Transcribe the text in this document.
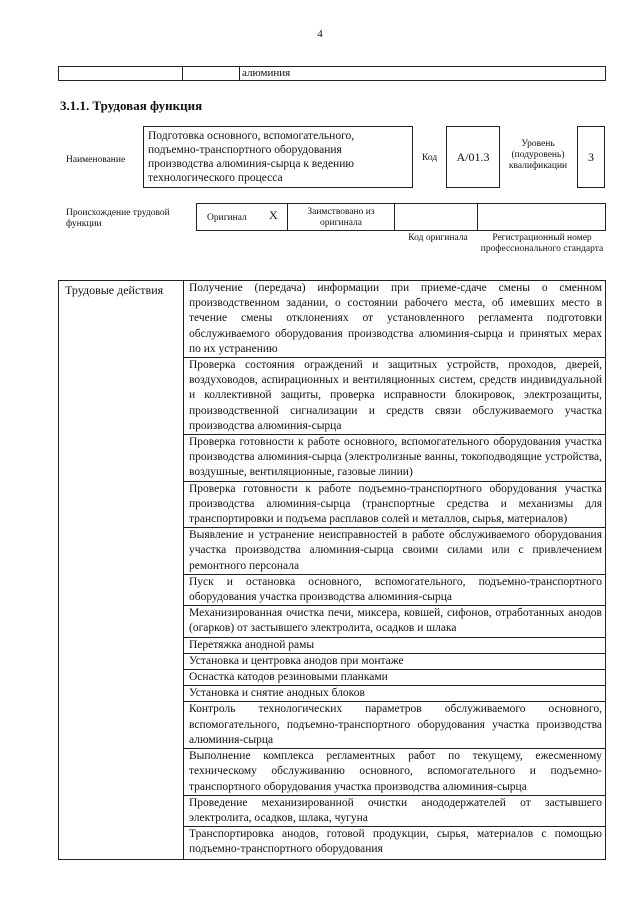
4
алюминия
3.1.1. Трудовая функция
Наименование
Подготовка основного, вспомогательного, подъемно-транспортного оборудования производства алюминия-сырца к ведению технологического процесса
Код	A/01.3
Уровень (подуровень) квалификации
3
Происхождение трудовой функции
Оригинал X	Заимствовано из оригинала
Код оригинала	Регистрационный номер профессионального стандарта
Трудовые действия	Получение (передача) информации при приеме-сдаче смены о сменном производственном задании, о состоянии рабочего места, об имевших место в течение смены отклонениях от установленного регламента подготовки обслуживаемого оборудования производства алюминия-сырца и принятых мерах по их устранению
Проверка состояния ограждений и защитных устройств, проходов, дверей, воздуховодов, аспирационных и вентиляционных систем, средств индивидуальной и коллективной защиты, проверка исправности блокировок, электрозащиты, производственной сигнализации и средств связи обслуживаемого участка производства алюминия-сырца
Проверка готовности к работе основного, вспомогательного оборудования участка производства алюминия-сырца (электролизные ванны, токоподводящие устройства, воздушные, вентиляционные, газовые линии)
Проверка готовности к работе подъемно-транспортного оборудования участка производства алюминия-сырца (транспортные средства и механизмы для транспортировки и подъема расплавов солей и металлов, сырья, материалов)
Выявление и устранение неисправностей в работе обслуживаемого оборудования участка производства алюминия-сырца своими силами или с привлечением ремонтного персонала
Пуск и остановка основного, вспомогательного, подъемно-транспортного оборудования участка производства алюминия-сырца
Механизированная очистка печи, миксера, ковшей, сифонов, отработанных анодов (огарков) от застывшего электролита, осадков и шлака
Перетяжка анодной рамы
Установка и центровка анодов при монтаже
Оснастка катодов резиновыми планками
Установка и снятие анодных блоков
Контроль технологических параметров обслуживаемого основного, вспомогательного, подъемно-транспортного оборудования участка производства алюминия-сырца
Выполнение комплекса регламентных работ по текущему, ежесменному техническому обслуживанию основного, вспомогательного и подъемно-транспортного оборудования участка производства алюминия-сырца
Проведение механизированной очистки анододержателей от застывшего электролита, осадков, шлака, чугуна
Транспортировка анодов, готовой продукции, сырья, материалов с помощью подъемно-транспортного оборудования
